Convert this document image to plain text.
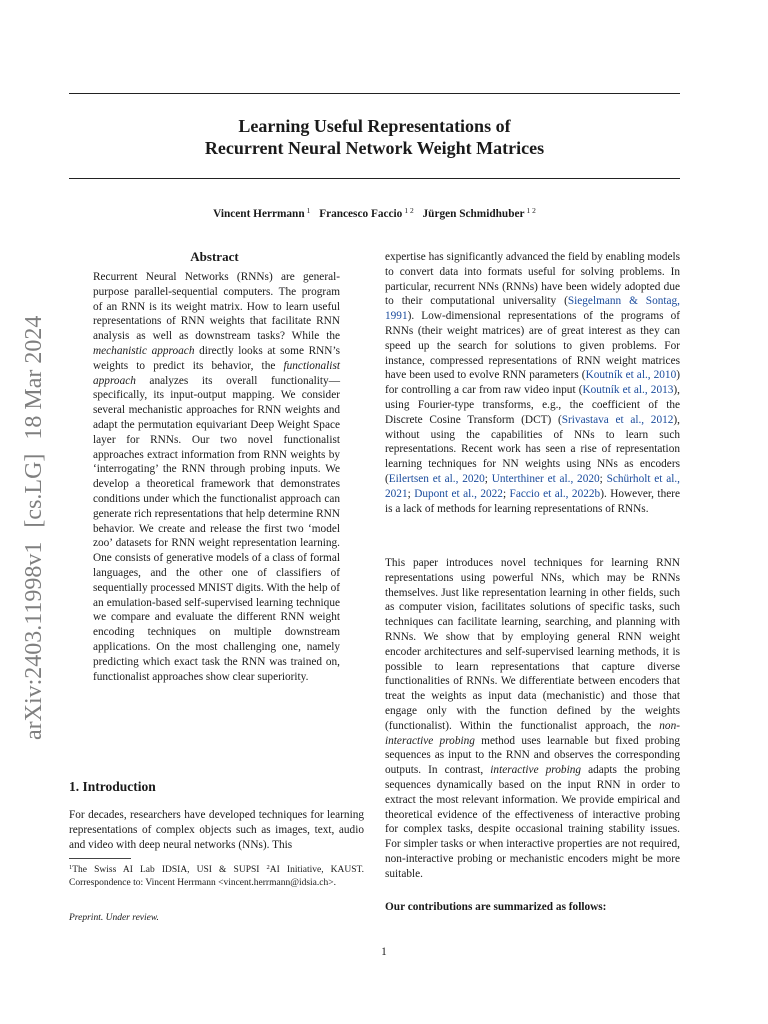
Learning Useful Representations of
Recurrent Neural Network Weight Matrices
Vincent Herrmann $^1$ Francesco Faccio $^{1 2}$ Jürgen Schmidhuber $^{1 2}$
arXiv:2403.11998v1[cs.LG]18 Mar 2024
Abstract
Recurrent Neural Networks (RNNs) are general-purpose parallel-sequential computers. The program of an RNN is its weight matrix. How to learn useful representations of RNN weights that facilitate RNN analysis as well as downstream tasks? While the mechanistic approach directly looks at some RNN’s weights to predict its behavior, the functionalist approach analyzes its overall functionality—specifically, its input-output mapping. We consider several mechanistic approaches for RNN weights and adapt the permutation equivariant Deep Weight Space layer for RNNs. Our two novel functionalist approaches extract information from RNN weights by ‘interrogating’ the RNN through probing inputs. We develop a theoretical framework that demonstrates conditions under which the functionalist approach can generate rich representations that help determine RNN behavior. We create and release the first two ‘model zoo’ datasets for RNN weight representation learning. One consists of generative models of a class of formal languages, and the other one of classifiers of sequentially processed MNIST digits. With the help of an emulation-based self-supervised learning technique we compare and evaluate the different RNN weight encoding techniques on multiple downstream applications. On the most challenging one, namely predicting which exact task the RNN was trained on, functionalist approaches show clear superiority.
1. Introduction
For decades, researchers have developed techniques for learning representations of complex objects such as images, text, audio and video with deep neural networks (NNs). This
$^1$The Swiss AI Lab IDSIA, USI & SUPSI $^2$AI Initiative, KAUST. Correspondence to: Vincent Herrmann <vincent.herrmann@idsia.ch>.
Preprint. Under review.
expertise has significantly advanced the field by enabling models to convert data into formats useful for solving problems. In particular, recurrent NNs (RNNs) have been widely adopted due to their computational universality (Siegelmann & Sontag, 1991). Low-dimensional representations of the programs of RNNs (their weight matrices) are of great interest as they can speed up the search for solutions to given problems. For instance, compressed representations of RNN weight matrices have been used to evolve RNN parameters (Koutník et al., 2010) for controlling a car from raw video input (Koutník et al., 2013), using Fourier-type transforms, e.g., the coefficient of the Discrete Cosine Transform (DCT) (Srivastava et al., 2012), without using the capabilities of NNs to learn such representations. Recent work has seen a rise of representation learning techniques for NN weights using NNs as encoders (Eilertsen et al., 2020; Unterthiner et al., 2020; Schürholt et al., 2021; Dupont et al., 2022; Faccio et al., 2022b). However, there is a lack of methods for learning representations of RNNs.
This paper introduces novel techniques for learning RNN representations using powerful NNs, which may be RNNs themselves. Just like representation learning in other fields, such as computer vision, facilitates solutions of specific tasks, such techniques can facilitate learning, searching, and planning with RNNs. We show that by employing general RNN weight encoder architectures and self-supervised learning methods, it is possible to learn representations that capture diverse functionalities of RNNs. We differentiate between encoders that treat the weights as input data (mechanistic) and those that engage only with the function defined by the weights (functionalist). Within the functionalist approach, the non-interactive probing method uses learnable but fixed probing sequences as input to the RNN and observes the corresponding outputs. In contrast, interactive probing adapts the probing sequences dynamically based on the input RNN in order to extract the most relevant information. We provide empirical and theoretical evidence of the effectiveness of interactive probing for complex tasks, despite occasional training stability issues. For simpler tasks or when interactive properties are not required, non-interactive probing or mechanistic encoders might be more suitable.
Our contributions are summarized as follows:
1
